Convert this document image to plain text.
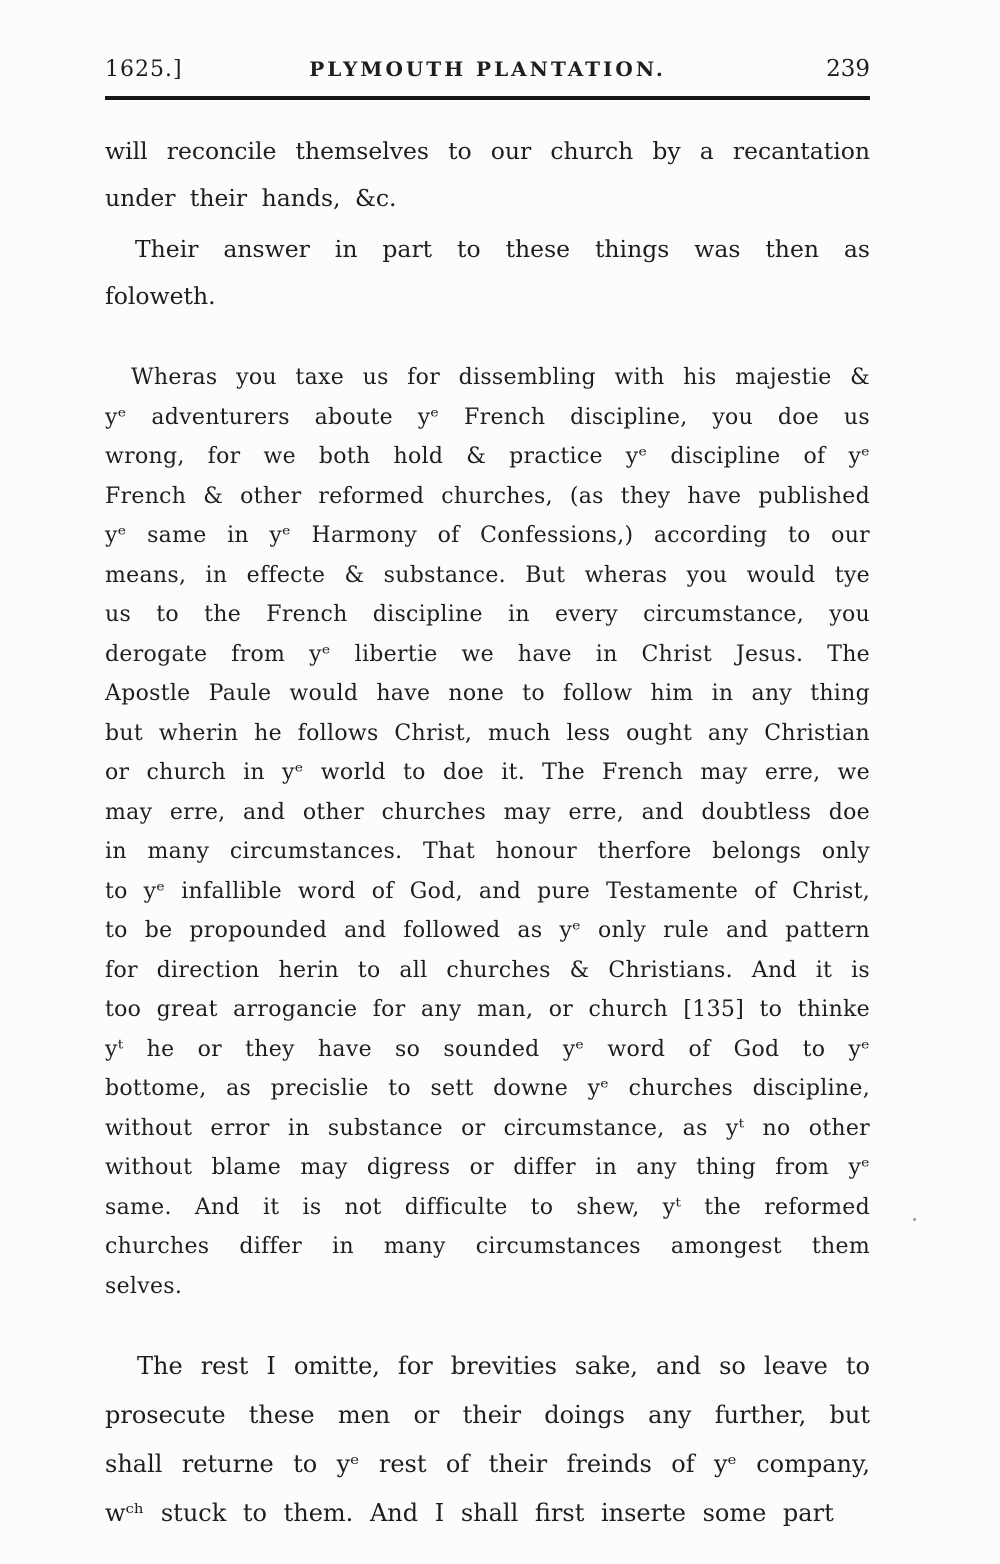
1625.]	PLYMOUTH PLANTATION.	239

will reconcile themselves to our church by a recantation under their hands, &c.

Their answer in part to these things was then as foloweth.

Wheras you taxe us for dissembling with his majestie & yᵉ adventurers aboute yᵉ French discipline, you doe us wrong, for we both hold & practice yᵉ discipline of yᵉ French & other reformed churches, (as they have published yᵉ same in yᵉ Harmony of Confessions,) according to our means, in effecte & substance. But wheras you would tye us to the French discipline in every circumstance, you derogate from yᵉ libertie we have in Christ Jesus. The Apostle Paule would have none to follow him in any thing but wherin he follows Christ, much less ought any Christian or church in yᵉ world to doe it. The French may erre, we may erre, and other churches may erre, and doubtless doe in many circumstances. That honour therfore belongs only to yᵉ infallible word of God, and pure Testamente of Christ, to be propounded and followed as yᵉ only rule and pattern for direction herin to all churches & Christians. And it is too great arrogancie for any man, or church [135] to thinke yᵗ he or they have so sounded yᵉ word of God to yᵉ bottome, as precislie to sett downe yᵉ churches discipline, without error in substance or circumstance, as yᵗ no other without blame may digress or differ in any thing from yᵉ same. And it is not difficulte to shew, yᵗ the reformed churches differ in many circumstances amongest them selves.

The rest I omitte, for brevities sake, and so leave to prosecute these men or their doings any further, but shall returne to yᵉ rest of their freinds of yᵉ company, wᶜʰ stuck to them. And I shall first inserte some part
